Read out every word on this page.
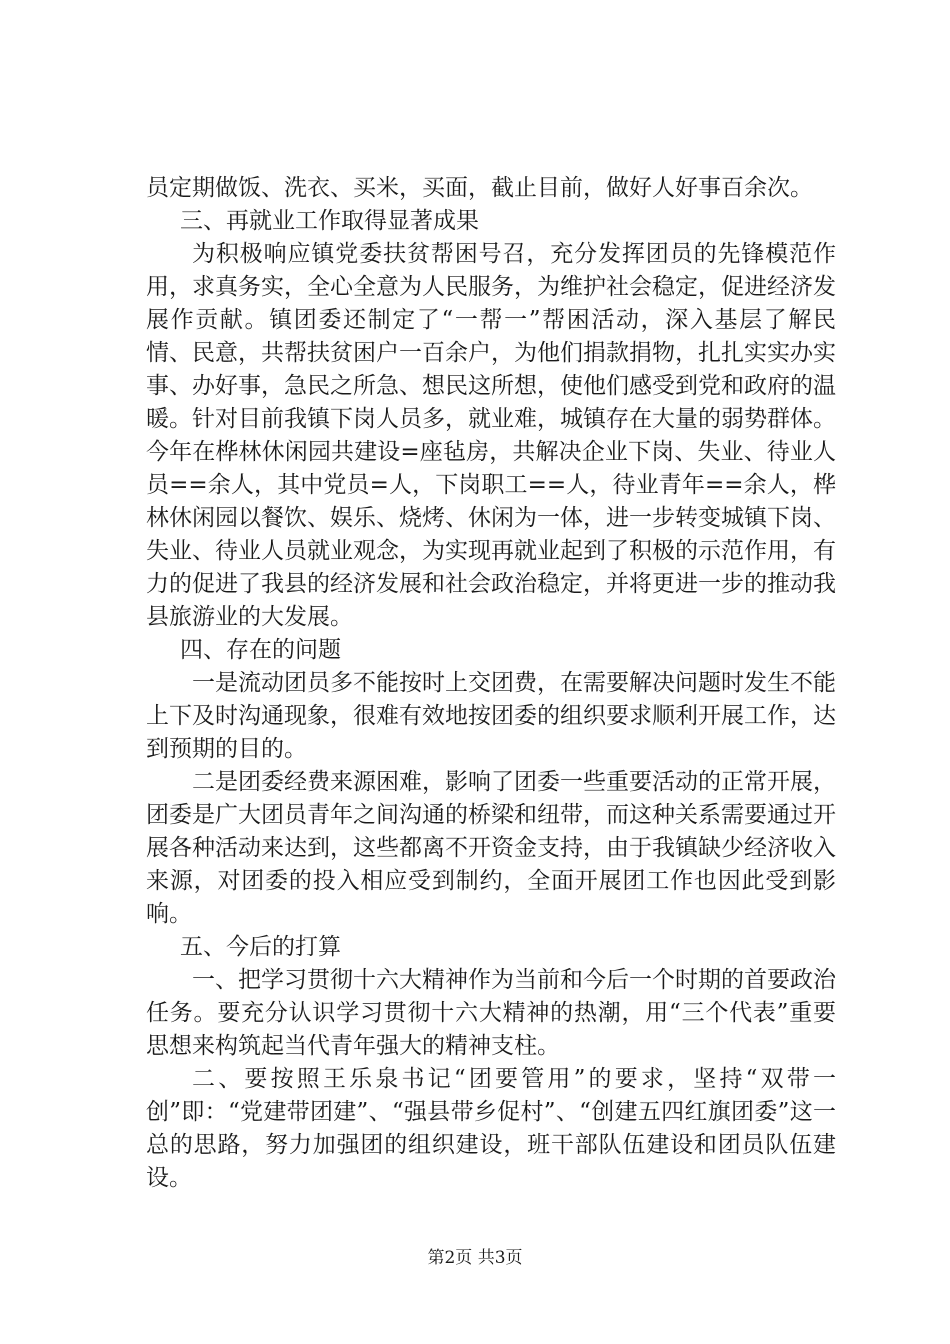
员定期做饭、洗衣、买米，买面，截止目前，做好人好事百余次。

三、再就业工作取得显著成果

为积极响应镇党委扶贫帮困号召，充分发挥团员的先锋模范作用，求真务实，全心全意为人民服务，为维护社会稳定，促进经济发展作贡献。镇团委还制定了“一帮一”帮困活动，深入基层了解民情、民意，共帮扶贫困户一百余户，为他们捐款捐物，扎扎实实办实事、办好事，急民之所急、想民这所想，使他们感受到党和政府的温暖。针对目前我镇下岗人员多，就业难，城镇存在大量的弱势群体。今年在桦林休闲园共建设=座毡房，共解决企业下岗、失业、待业人员==余人，其中党员=人，下岗职工==人，待业青年==余人，桦林休闲园以餐饮、娱乐、烧烤、休闲为一体，进一步转变城镇下岗、失业、待业人员就业观念，为实现再就业起到了积极的示范作用，有力的促进了我县的经济发展和社会政治稳定，并将更进一步的推动我县旅游业的大发展。

四、存在的问题

一是流动团员多不能按时上交团费，在需要解决问题时发生不能上下及时沟通现象，很难有效地按团委的组织要求顺利开展工作，达到预期的目的。

二是团委经费来源困难，影响了团委一些重要活动的正常开展，团委是广大团员青年之间沟通的桥梁和纽带，而这种关系需要通过开展各种活动来达到，这些都离不开资金支持，由于我镇缺少经济收入来源，对团委的投入相应受到制约，全面开展团工作也因此受到影响。

五、今后的打算

一、把学习贯彻十六大精神作为当前和今后一个时期的首要政治任务。要充分认识学习贯彻十六大精神的热潮，用“三个代表”重要思想来构筑起当代青年强大的精神支柱。

二、要按照王乐泉书记“团要管用”的要求，坚持“双带一创”即：“党建带团建”、“强县带乡促村”、“创建五四红旗团委”这一总的思路，努力加强团的组织建设，班干部队伍建设和团员队伍建设。

第2页 共3页
